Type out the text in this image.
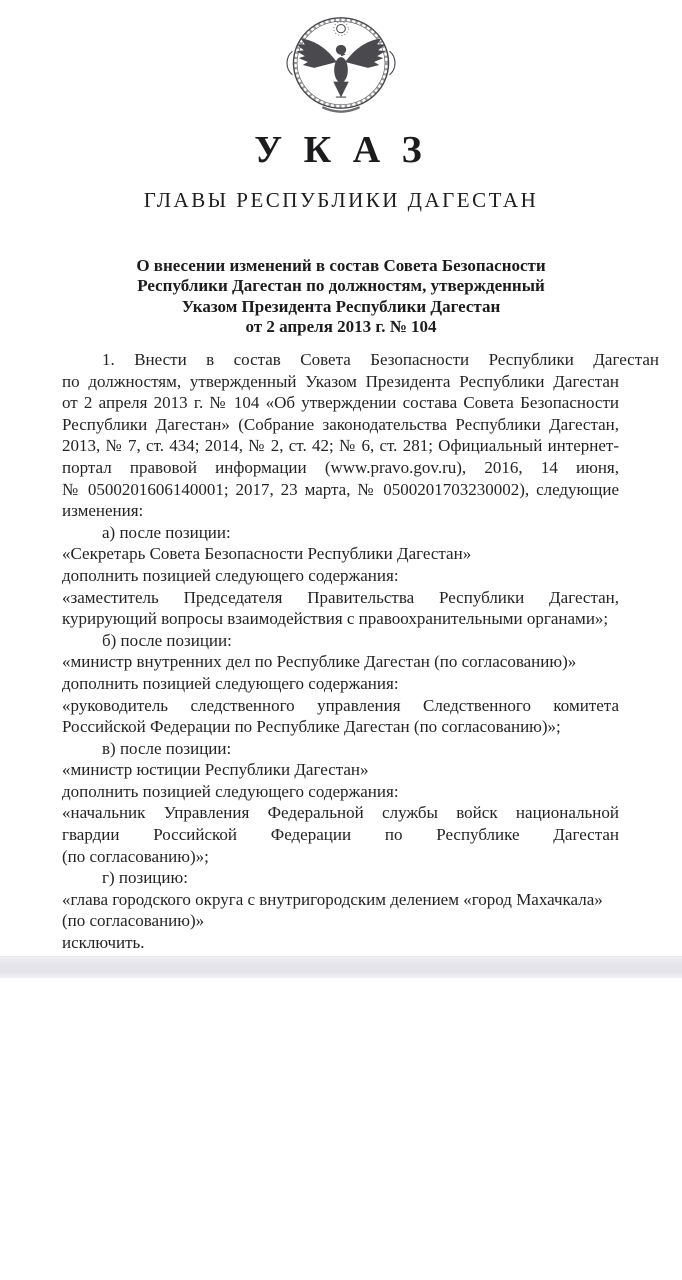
У К А З
ГЛАВЫ РЕСПУБЛИКИ ДАГЕСТАН
О внесении изменений в состав Совета Безопасности
Республики Дагестан по должностям, утвержденный
Указом Президента Республики Дагестан
от 2 апреля 2013 г. № 104
1. Внести в состав Совета Безопасности Республики Дагестан
по должностям, утвержденный Указом Президента Республики Дагестан
от 2 апреля 2013 г. № 104 «Об утверждении состава Совета Безопасности
Республики Дагестан» (Собрание законодательства Республики Дагестан,
2013, № 7, ст. 434; 2014, № 2, ст. 42; № 6, ст. 281; Официальный интернет-
портал правовой информации (www.pravo.gov.ru), 2016, 14 июня,
№ 0500201606140001; 2017, 23 марта, № 0500201703230002), следующие
изменения:
а) после позиции:
«Секретарь Совета Безопасности Республики Дагестан»
дополнить позицией следующего содержания:
«заместитель Председателя Правительства Республики Дагестан,
курирующий вопросы взаимодействия с правоохранительными органами»;
б) после позиции:
«министр внутренних дел по Республике Дагестан (по согласованию)»
дополнить позицией следующего содержания:
«руководитель следственного управления Следственного комитета
Российской Федерации по Республике Дагестан (по согласованию)»;
в) после позиции:
«министр юстиции Республики Дагестан»
дополнить позицией следующего содержания:
«начальник Управления Федеральной службы войск национальной
гвардии Российской Федерации по Республике Дагестан
(по согласованию)»;
г) позицию:
«глава городского округа с внутригородским делением «город Махачкала»
(по согласованию)»
исключить.
